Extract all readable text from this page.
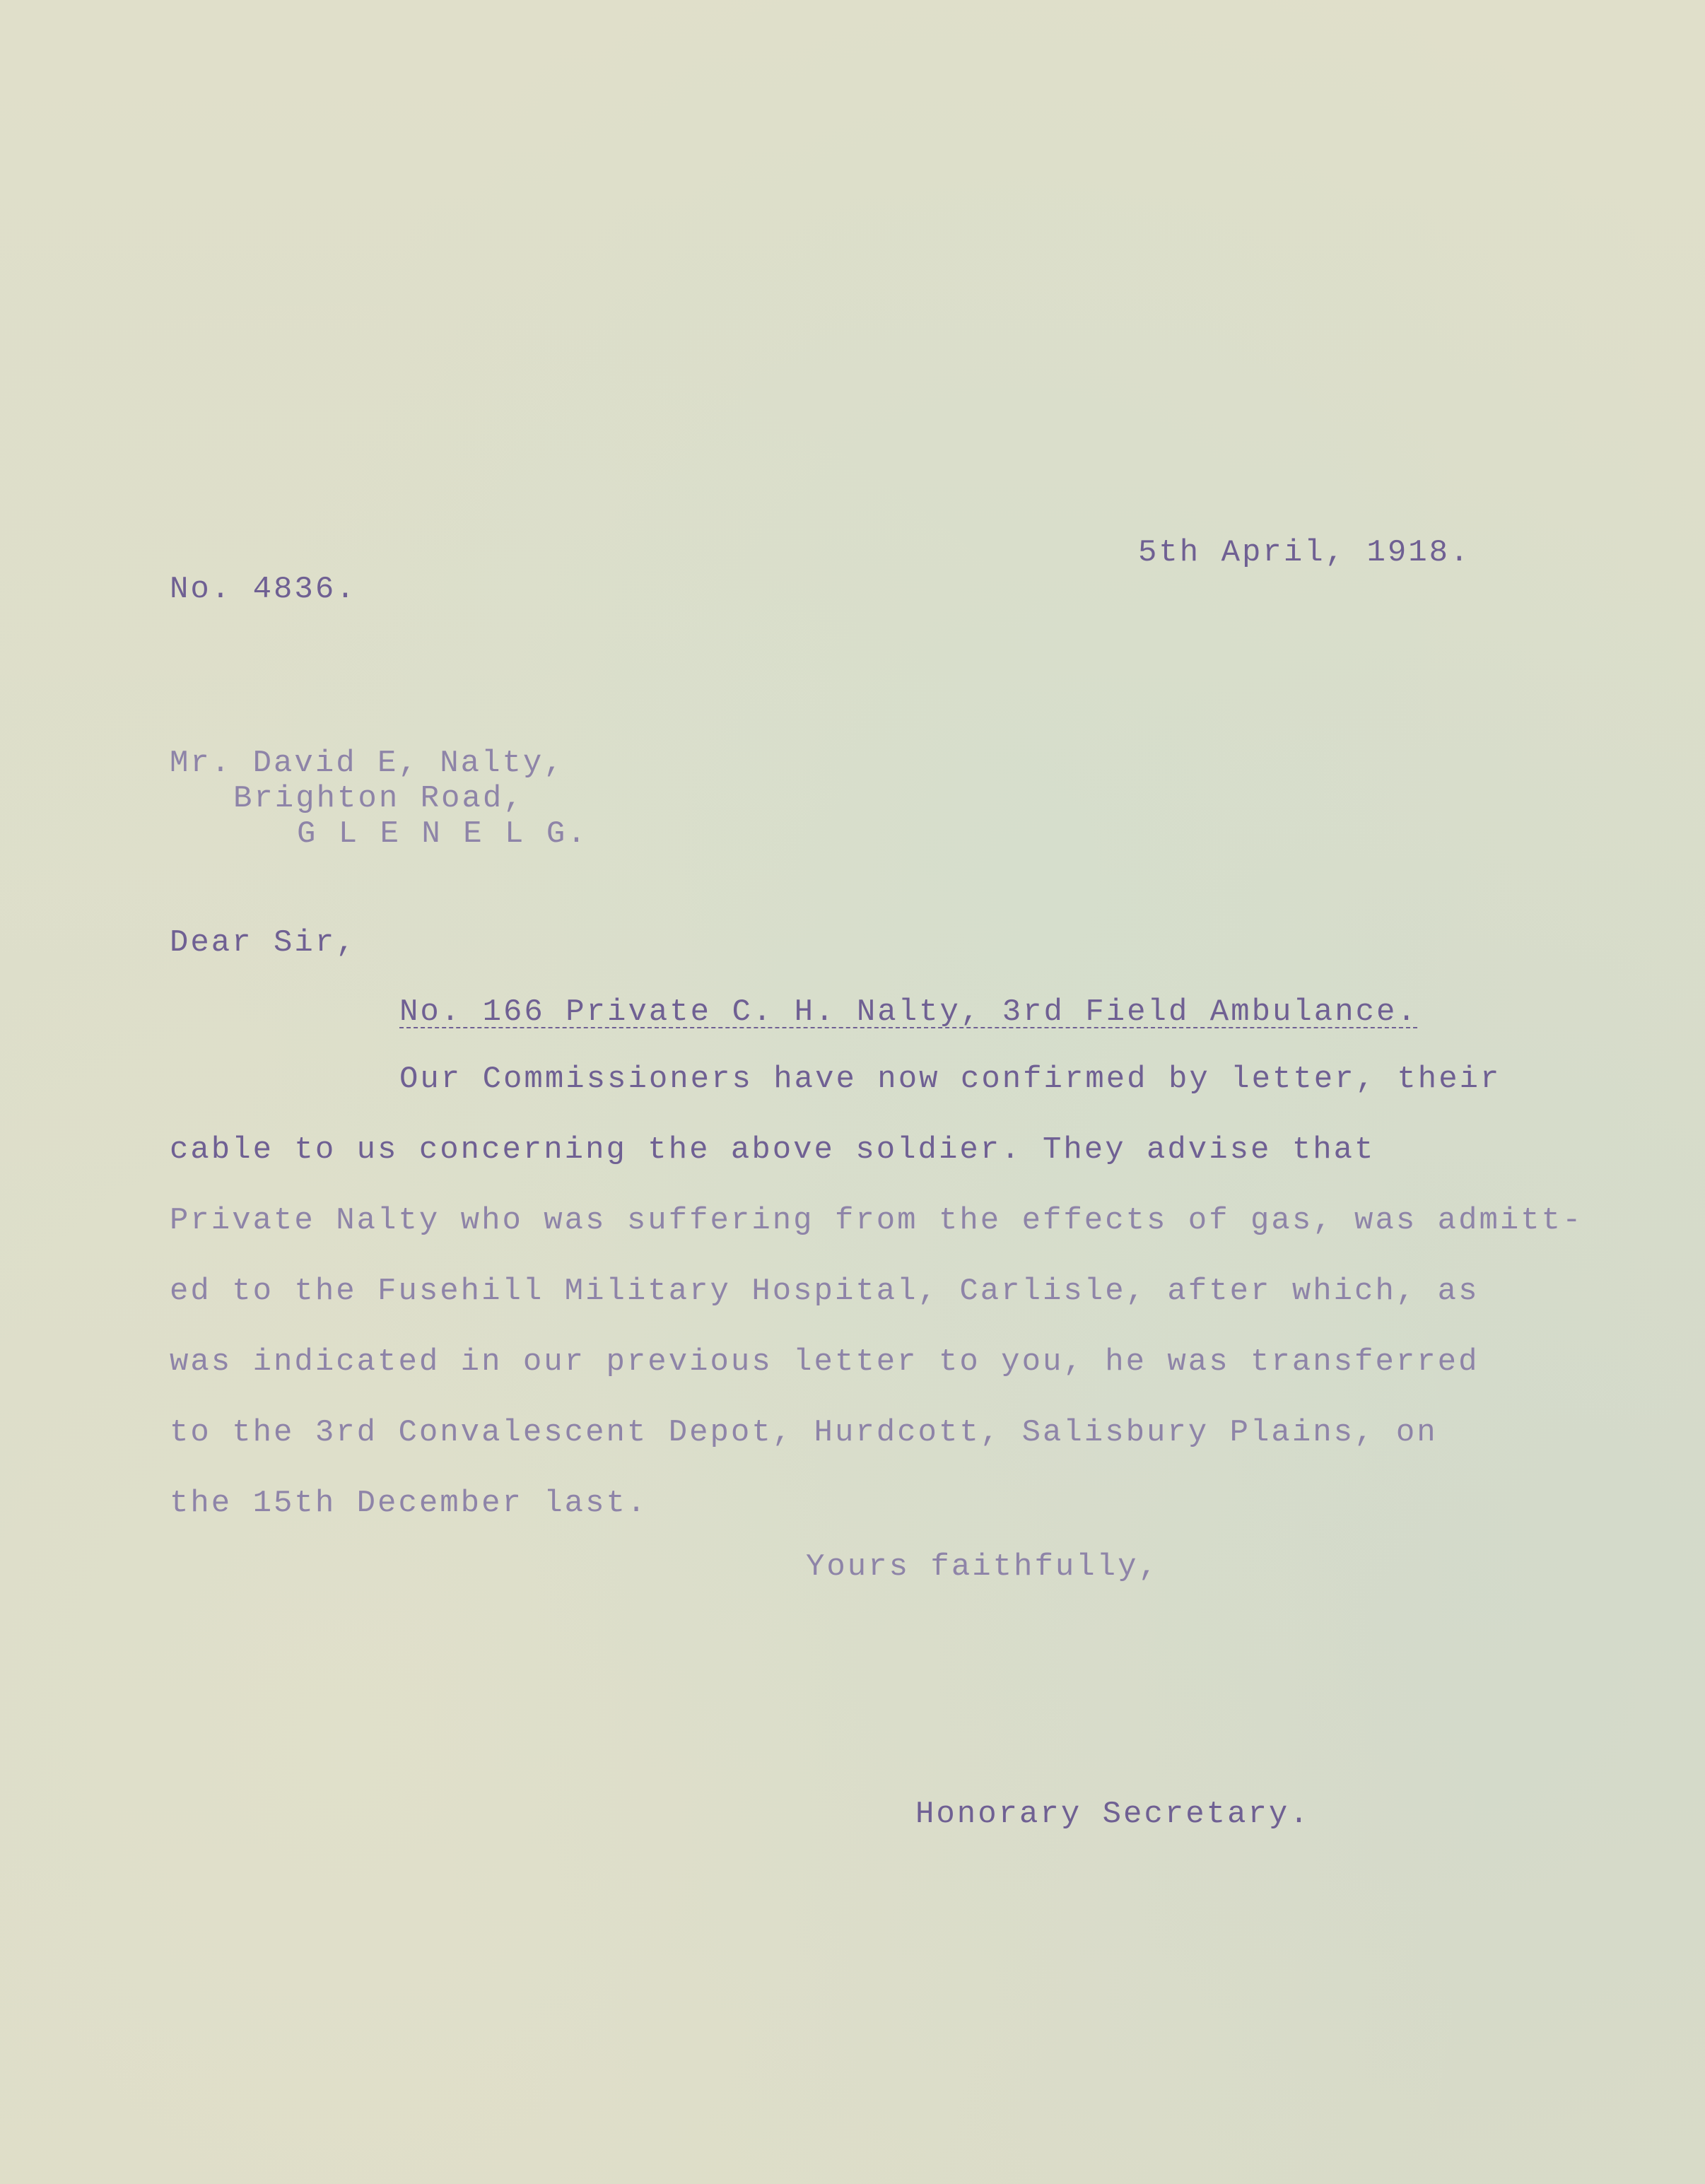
5th April, 1918.
No. 4836.
Mr. David E, Nalty,
Brighton Road,
G L E N E L G.
Dear Sir,
No. 166 Private C. H. Nalty, 3rd Field Ambulance.
Our Commissioners have now confirmed by letter, their
cable to us concerning the above soldier. They advise that
Private Nalty who was suffering from the effects of gas, was admitt-
ed to the Fusehill Military Hospital, Carlisle, after which, as
was indicated in our previous letter to you, he was transferred
to the 3rd Convalescent Depot, Hurdcott, Salisbury Plains, on
the 15th December last.
Yours faithfully,
Honorary Secretary.
